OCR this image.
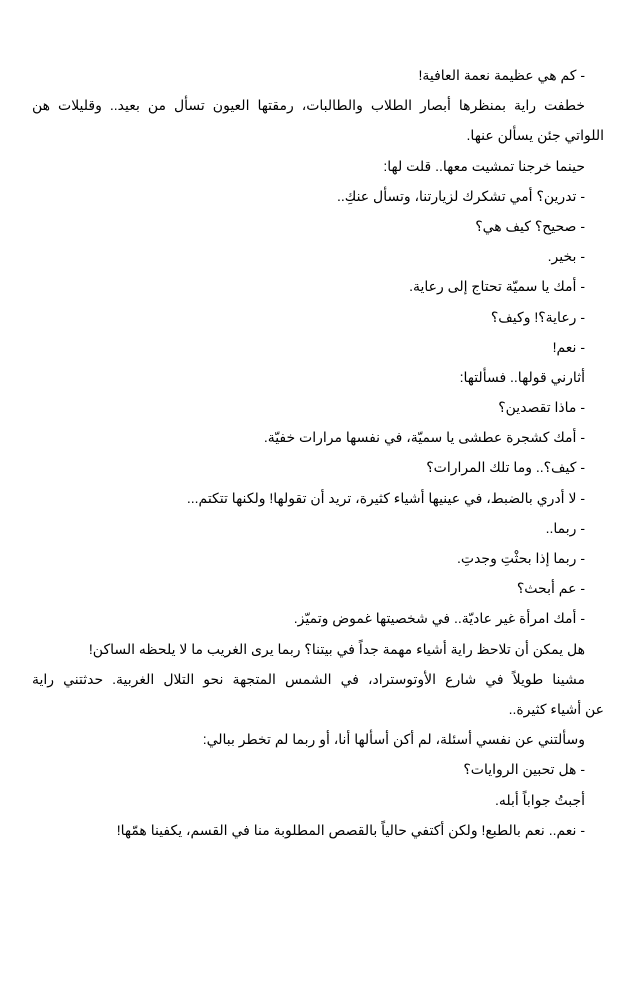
- كم هي عظيمة نعمة العافية!
خطفت راية بمنظرها أبصار الطلاب والطالبات، رمقتها العيون تسأل من بعيد.. وقليلات هن
اللواتي جئن يسألن عنها.
حينما خرجنا تمشيت معها.. قلت لها:
- تدرين؟ أمي تشكرك لزيارتنا، وتسأل عنكِ..
- صحيح؟ كيف هي؟
- بخير.
- أمك يا سميّة تحتاج إلى رعاية.
- رعاية؟! وكيف؟
- نعم!
أثارني قولها.. فسألتها:
- ماذا تقصدين؟
- أمك كشجرة عطشى يا سميّة، في نفسها مرارات خفيّة.
- كيف؟.. وما تلك المرارات؟
- لا أدري بالضبط، في عينيها أشياء كثيرة، تريد أن تقولها! ولكنها تتكتم...
- ربما..
- ربما إذا بحثْتِ وجدتِ.
- عم أبحث؟
- أمك امرأة غير عاديّة.. في شخصيتها غموض وتميّز.
هل يمكن أن تلاحظ راية أشياء مهمة جداً في بيتنا؟ ربما يرى الغريب ما لا يلحظه الساكن!
مشينا طويلاً في شارع الأوتوستراد، في الشمس المتجهة نحو التلال الغربية. حدثتني راية
عن أشياء كثيرة..
وسألتني عن نفسي أسئلة، لم أكن أسألها أنا، أو ربما لم تخطر ببالي:
- هل تحبين الروايات؟
أجبتُ جواباً أبله.
- نعم.. نعم بالطبع! ولكن أكتفي حالياً بالقصص المطلوبة منا في القسم، يكفينا همّها!
